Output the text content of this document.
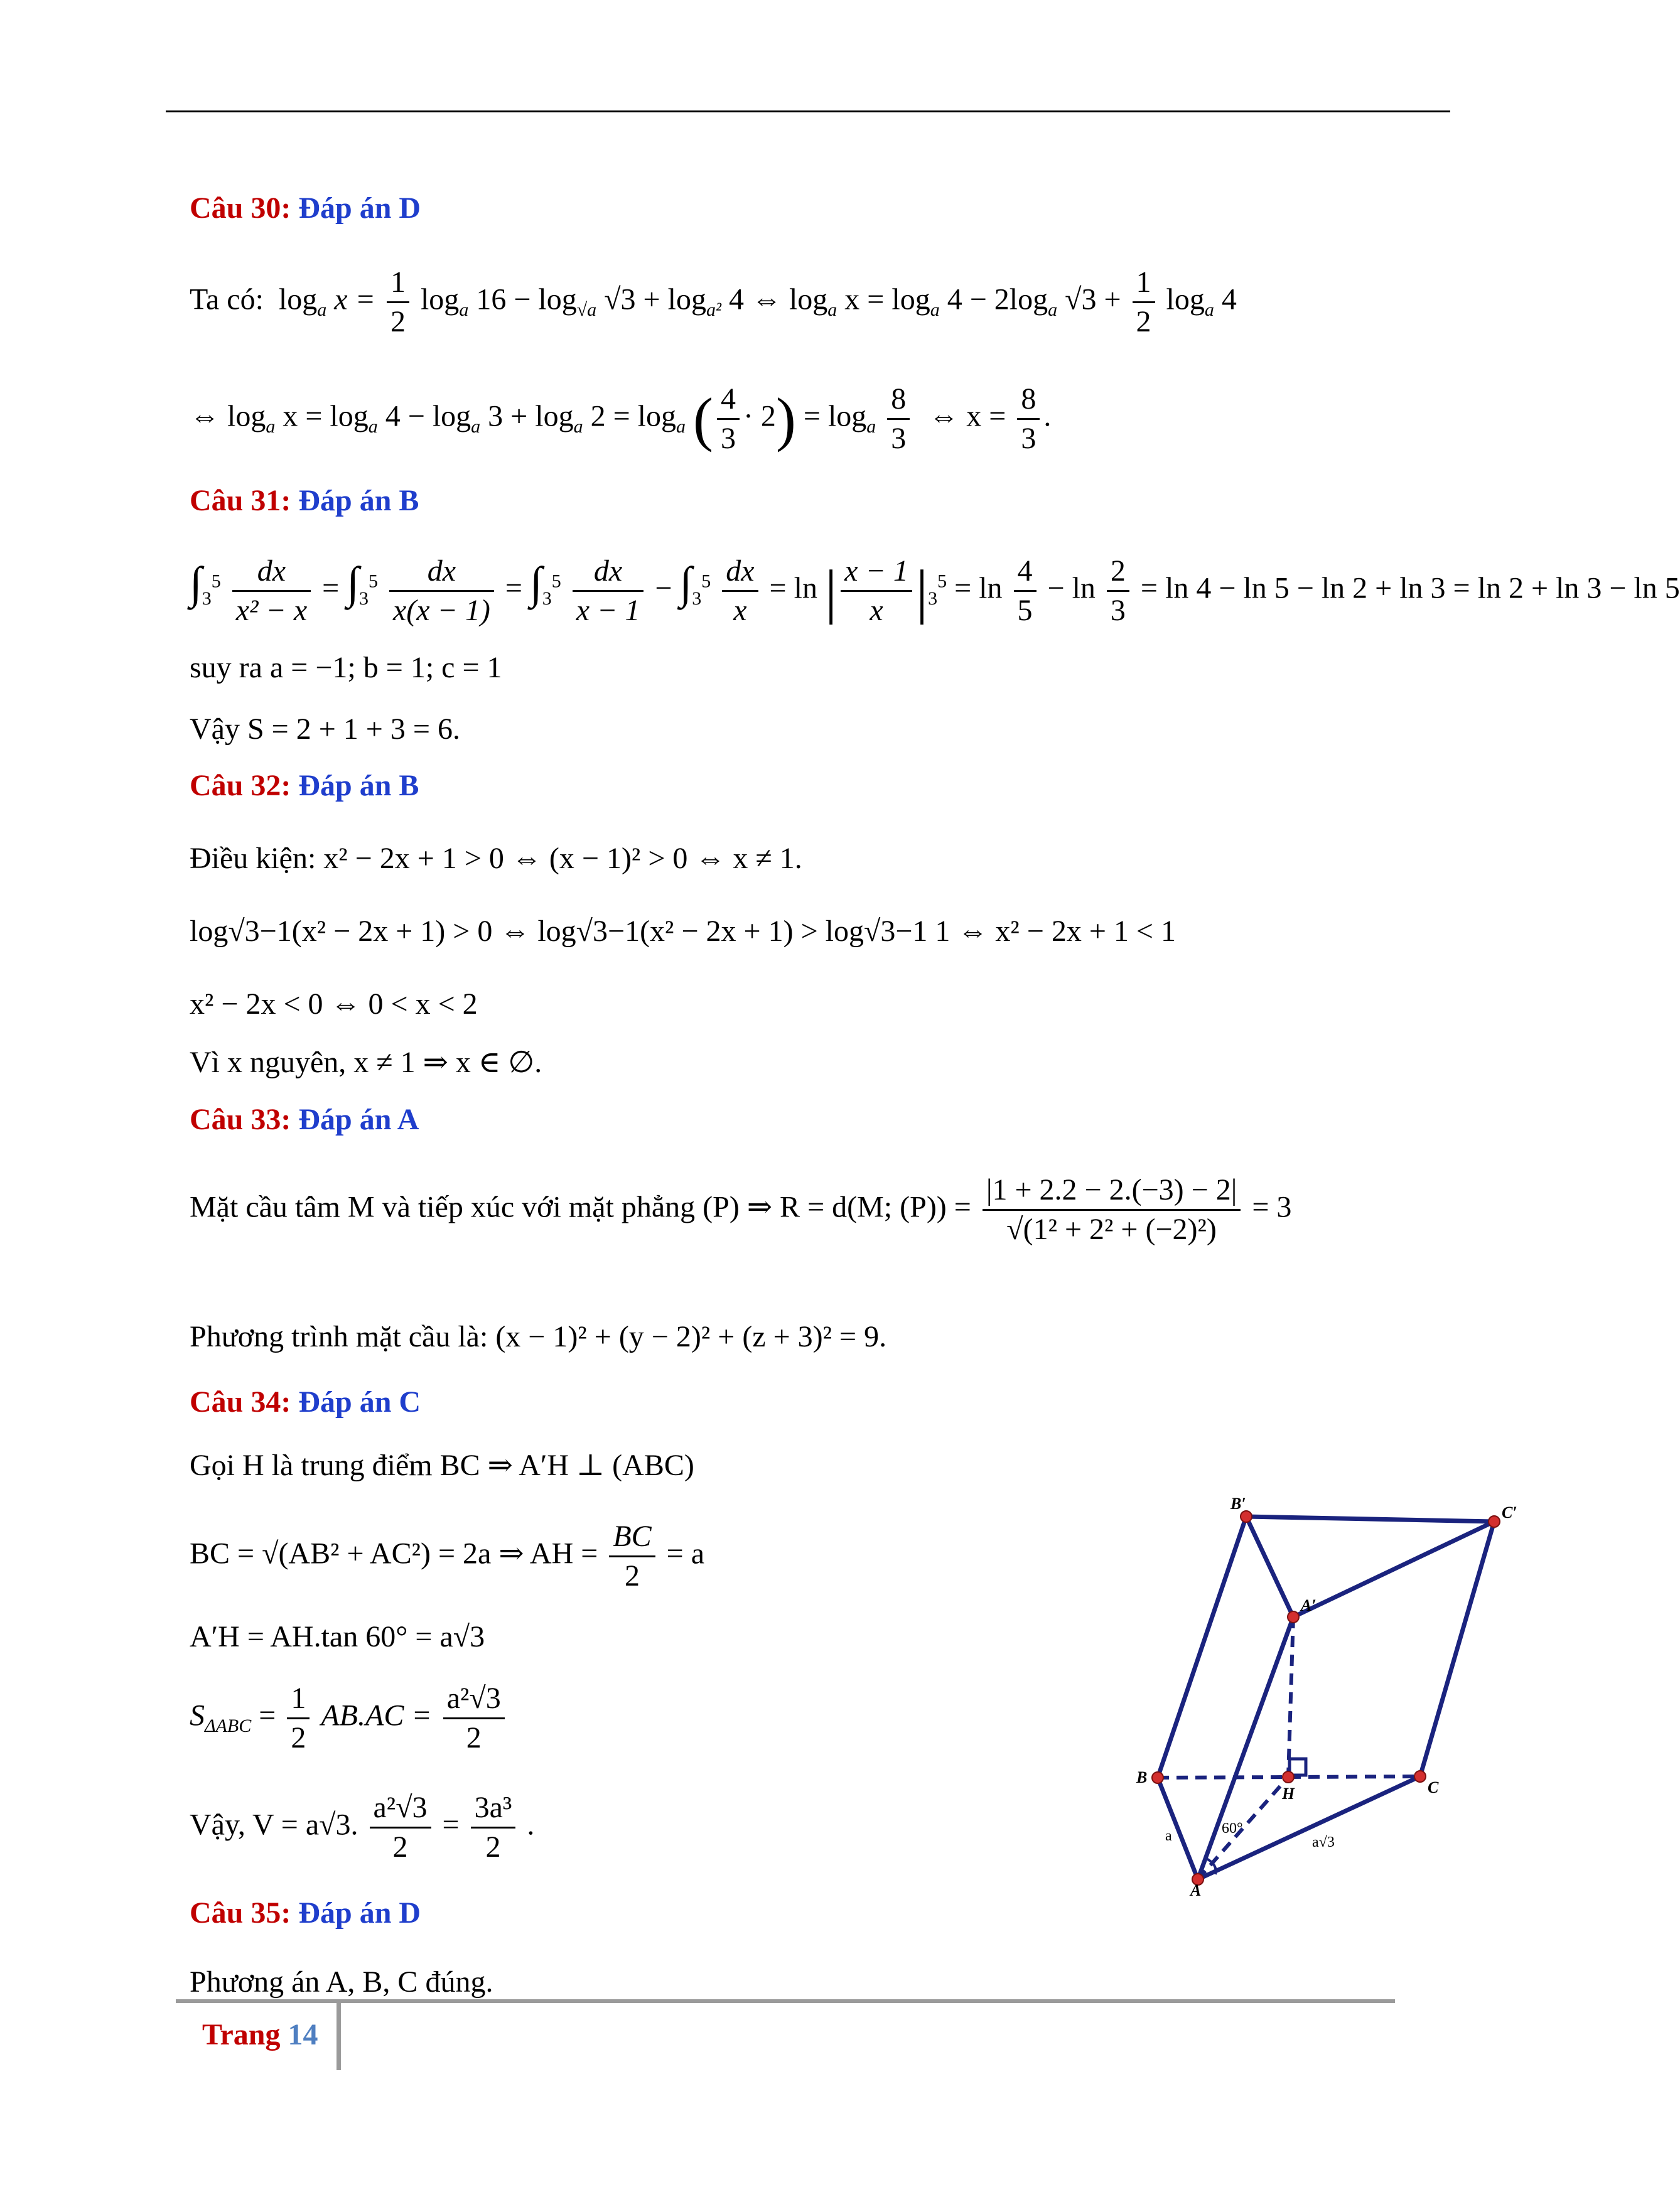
Câu 30: Đáp án D
Ta có: $\log_a x = \frac{1}{2} \log_a 16 - \log_{√a} √3 + \log_{a^2} 4$ ⇔ $\log_a x = \log_a 4 - 2\log_a$ $√3 + \frac{1}{2} \log_a 4$
⇔ $\log_a x = \log_a 4 - \log_a 3 + \log_a 2 = \log_a$ ( $\frac{4}{3} \cdot 2) = \log_a \frac{8}{3}$ ⇔ $x = \frac{8}{3}$ .
Câu 31: Đáp án B
$\int_3^5 \frac{dx}{\text{x² − x}} = \int_3^5 \frac{dx}{x(x - 1)} = \int_3^5 \frac{dx}{x - 1} - \int_3^5 \frac{dx}{x} = \ln$ | $\frac{x - 1}{x} |_3^5 = \ln \frac{4}{5} - \ln \frac{2}{3} = \ln 4 - \ln 5 - \ln 2 + \ln 3 = \ln 2 + \ln 3 - \ln 5$
suy ra a = −1; b = 1; c = 1
Vậy S = 2 + 1 + 3 = 6.
Câu 32: Đáp án B
Điều kiện: x² − 2x + 1 > 0 ⇔ (x − 1)² > 0 ⇔ x ≠ 1.
log√3−1(x² − 2x + 1) > 0 ⇔ log√3−1(x² − 2x + 1) > log√3−1 1 ⇔ x² − 2x + 1 < 1
x² − 2x < 0 ⇔ 0 < x < 2
Vì x nguyên, x ≠ 1 ⇒ x ∈ ∅.
Câu 33: Đáp án A
Mặt cầu tâm M và tiếp xúc với mặt phẳng (P) ⇒ R = d(M; $(P)) = \frac{|1 + 2.2 - 2.(-3) - 2|}{\text{√(1² + 2² + (−2)²)}} = 3$
Phương trình mặt cầu là: (x − 1)² + (y − 2)² + (z + 3)² = 9.
Câu 34: Đáp án C
Gọi H là trung điểm BC ⇒ A′H ⊥ (ABC)
BC = √(AB² + AC²) = 2a ⇒ AH = $\frac{BC}{2} = a$
A′H = AH.tan 60° = a√3
$S_{\Delta ABC} = \frac{1}{2} AB.AC = \frac{\text{a²√3}}{2}$
Vậy, V = a√3. $\frac{\text{a²√3}}{2} = \frac{\text{3a³}}{2}$ .
B′	C′
A′
B
C
H
A
a	a√3
60°
Câu 35: Đáp án D
Phương án A, B, C đúng.
Trang 14
